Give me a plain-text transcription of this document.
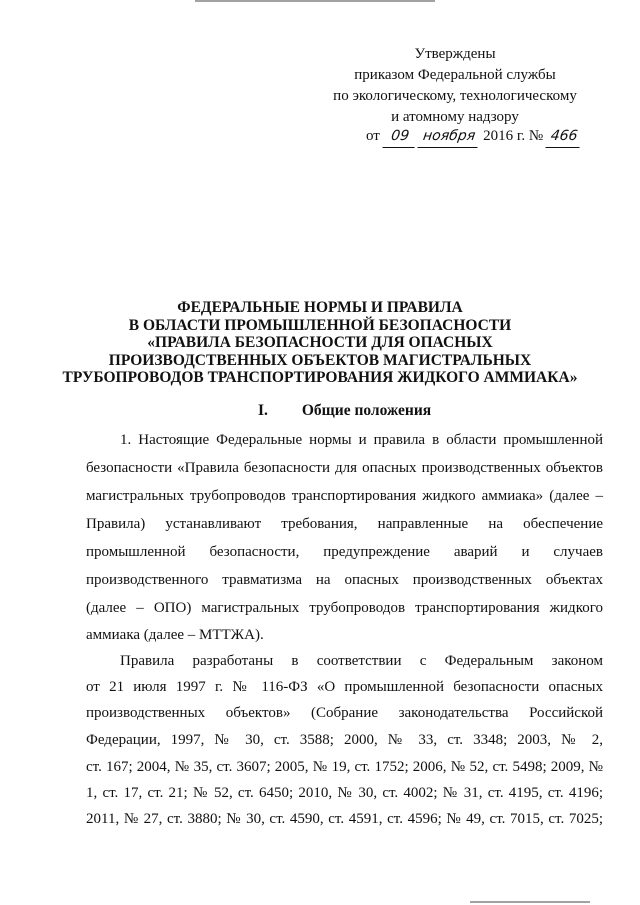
Утверждены
приказом Федеральной службы
по экологическому, технологическому
и атомному надзору
от 09 ноября 2016 г. № 466
ФЕДЕРАЛЬНЫЕ НОРМЫ И ПРАВИЛА
В ОБЛАСТИ ПРОМЫШЛЕННОЙ БЕЗОПАСНОСТИ
«ПРАВИЛА БЕЗОПАСНОСТИ ДЛЯ ОПАСНЫХ
ПРОИЗВОДСТВЕННЫХ ОБЪЕКТОВ МАГИСТРАЛЬНЫХ
ТРУБОПРОВОДОВ ТРАНСПОРТИРОВАНИЯ ЖИДКОГО АММИАКА»
I. Общие положения
1. Настоящие Федеральные нормы и правила в области промышленной
безопасности «Правила безопасности для опасных производственных объектов
магистральных трубопроводов транспортирования жидкого аммиака» (далее –
Правила) устанавливают требования, направленные на обеспечение
промышленной безопасности, предупреждение аварий и случаев
производственного травматизма на опасных производственных объектах
(далее – ОПО) магистральных трубопроводов транспортирования жидкого
аммиака (далее – МТТЖА).
Правила разработаны в соответствии с Федеральным законом
от 21 июля 1997 г. № 116-ФЗ «О промышленной безопасности опасных
производственных объектов» (Собрание законодательства Российской
Федерации, 1997, № 30, ст. 3588; 2000, № 33, ст. 3348; 2003, № 2,
ст. 167; 2004, № 35, ст. 3607; 2005, № 19, ст. 1752; 2006, № 52, ст. 5498; 2009, №
1, ст. 17, ст. 21; № 52, ст. 6450; 2010, № 30, ст. 4002; № 31, ст. 4195, ст. 4196;
2011, № 27, ст. 3880; № 30, ст. 4590, ст. 4591, ст. 4596; № 49, ст. 7015, ст. 7025;
